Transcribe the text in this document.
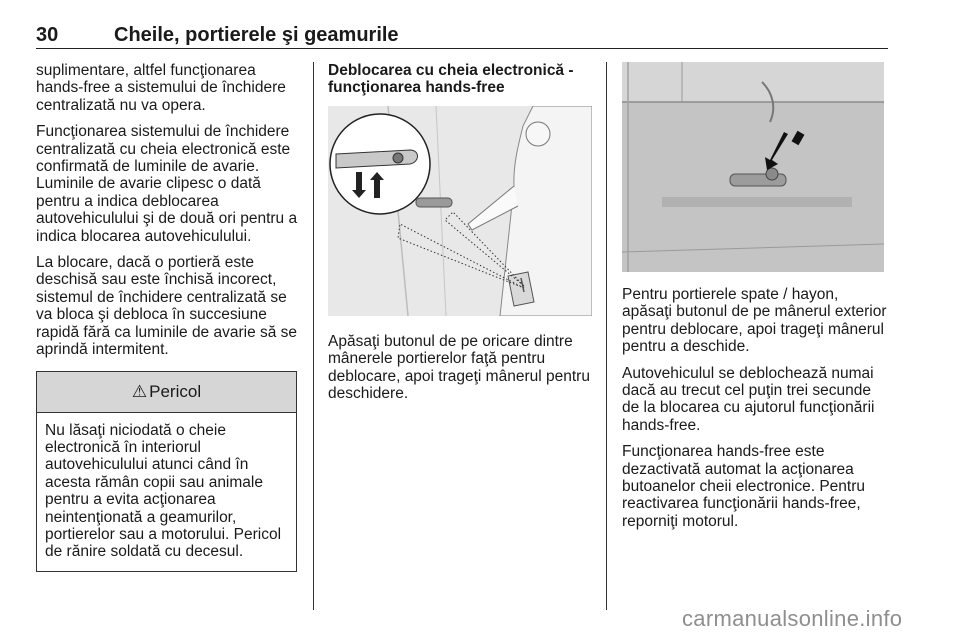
30	Cheile, portierele şi geamurile

suplimentare, altfel funcţionarea hands-free a sistemului de închidere centralizată nu va opera.

Funcţionarea sistemului de închidere centralizată cu cheia electronică este confirmată de luminile de avarie. Luminile de avarie clipesc o dată pentru a indica deblocarea autovehiculului şi de două ori pentru a indica blocarea autovehiculului.

La blocare, dacă o portieră este deschisă sau este închisă incorect, sistemul de închidere centralizată se va bloca şi debloca în succesiune rapidă fără ca luminile de avarie să se aprindă intermitent.

⚠ Pericol
Nu lăsaţi niciodată o cheie electronică în interiorul autovehiculului atunci când în acesta rămân copii sau animale pentru a evita acţionarea neintenţionată a geamurilor, portierelor sau a motorului. Pericol de rănire soldată cu decesul.

Deblocarea cu cheia electronică - funcţionarea hands-free

Apăsaţi butonul de pe oricare dintre mânerele portierelor faţă pentru deblocare, apoi trageţi mânerul pentru deschidere.

Pentru portierele spate / hayon, apăsaţi butonul de pe mânerul exterior pentru deblocare, apoi trageţi mânerul pentru a deschide.

Autovehiculul se deblochează numai dacă au trecut cel puţin trei secunde de la blocarea cu ajutorul funcţionării hands-free.

Funcţionarea hands-free este dezactivată automat la acţionarea butoanelor cheii electronice. Pentru reactivarea funcţionării hands-free, reporniţi motorul.

carmanualsonline.info
